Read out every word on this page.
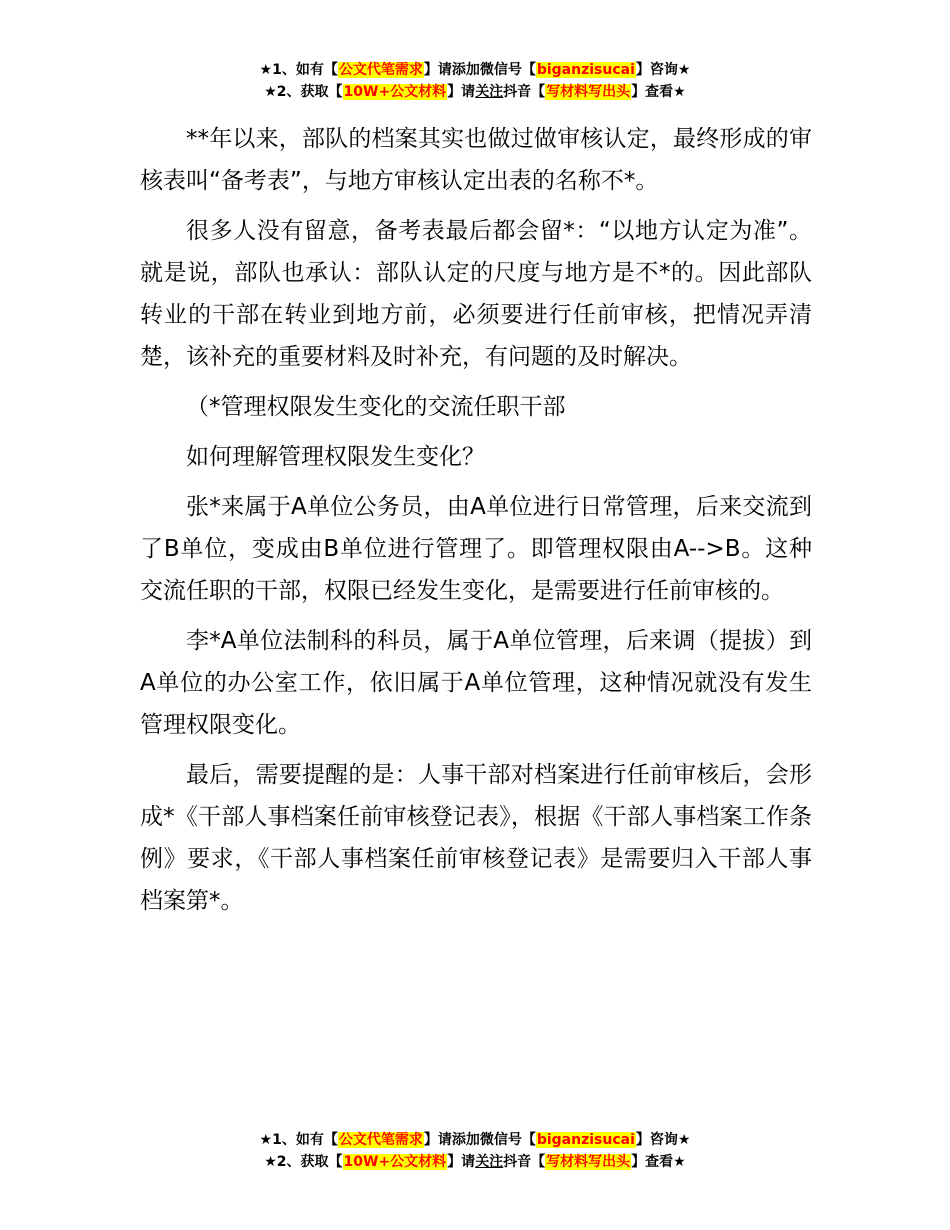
★1、如有【公文代笔需求】请添加微信号【biganzisucai】咨询★
★2、获取【10W+公文材料】请关注抖音【写材料写出头】查看★

**年以来，部队的档案其实也做过做审核认定，最终形成的审核表叫“备考表”，与地方审核认定出表的名称不*。

很多人没有留意，备考表最后都会留*：“以地方认定为准”。就是说，部队也承认：部队认定的尺度与地方是不*的。因此部队转业的干部在转业到地方前，必须要进行任前审核，把情况弄清楚，该补充的重要材料及时补充，有问题的及时解决。

（*管理权限发生变化的交流任职干部

如何理解管理权限发生变化？

张*来属于A单位公务员，由A单位进行日常管理，后来交流到了B单位，变成由B单位进行管理了。即管理权限由A-->B。这种交流任职的干部，权限已经发生变化，是需要进行任前审核的。

李*A单位法制科的科员，属于A单位管理，后来调（提拔）到A单位的办公室工作，依旧属于A单位管理，这种情况就没有发生管理权限变化。

最后，需要提醒的是：人事干部对档案进行任前审核后，会形成*《干部人事档案任前审核登记表》，根据《干部人事档案工作条例》要求，《干部人事档案任前审核登记表》是需要归入干部人事档案第*。

★1、如有【公文代笔需求】请添加微信号【biganzisucai】咨询★
★2、获取【10W+公文材料】请关注抖音【写材料写出头】查看★
